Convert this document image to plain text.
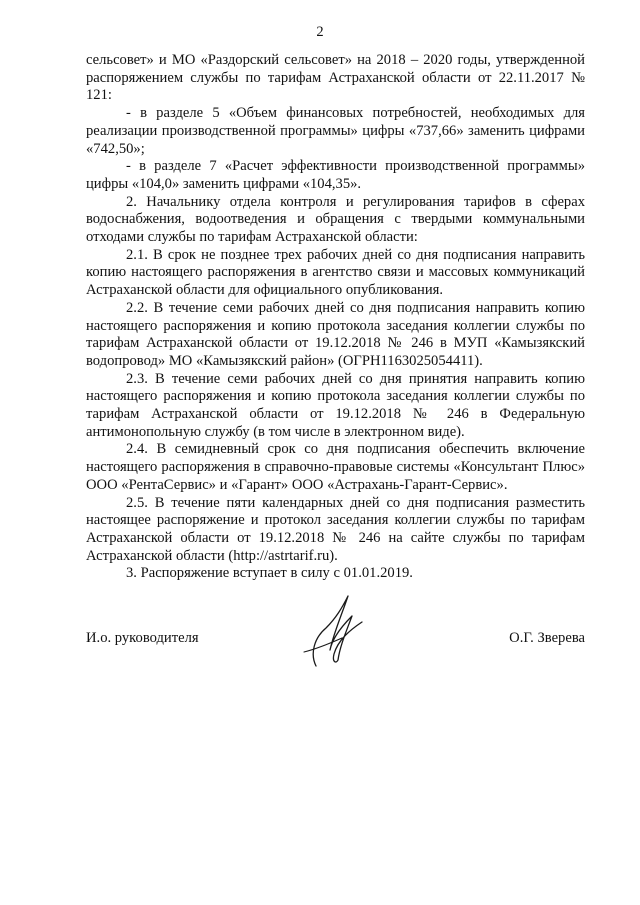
2

сельсовет» и МО «Раздорский сельсовет» на 2018 – 2020 годы, утвержденной распоряжением службы по тарифам Астраханской области от 22.11.2017 № 121:

- в разделе 5 «Объем финансовых потребностей, необходимых для реализации производственной программы» цифры «737,66» заменить цифрами «742,50»;

- в разделе 7 «Расчет эффективности производственной программы» цифры «104,0» заменить цифрами «104,35».

2. Начальнику отдела контроля и регулирования тарифов в сферах водоснабжения, водоотведения и обращения с твердыми коммунальными отходами службы по тарифам Астраханской области:

2.1. В срок не позднее трех рабочих дней со дня подписания направить копию настоящего распоряжения в агентство связи и массовых коммуникаций Астраханской области для официального опубликования.

2.2. В течение семи рабочих дней со дня подписания направить копию настоящего распоряжения и копию протокола заседания коллегии службы по тарифам Астраханской области от 19.12.2018 № 246 в МУП «Камызякский водопровод» МО «Камызякский район» (ОГРН1163025054411).

2.3. В течение семи рабочих дней со дня принятия направить копию настоящего распоряжения и копию протокола заседания коллегии службы по тарифам Астраханской области от 19.12.2018 № 246 в Федеральную антимонопольную службу (в том числе в электронном виде).

2.4. В семидневный срок со дня подписания обеспечить включение настоящего распоряжения в справочно-правовые системы «Консультант Плюс» ООО «РентаСервис» и «Гарант» ООО «Астрахань-Гарант-Сервис».

2.5. В течение пяти календарных дней со дня подписания разместить настоящее распоряжение и протокол заседания коллегии службы по тарифам Астраханской области от 19.12.2018 № 246 на сайте службы по тарифам Астраханской области (http://astrtarif.ru).

3. Распоряжение вступает в силу с 01.01.2019.

И.о. руководителя	О.Г. Зверева
